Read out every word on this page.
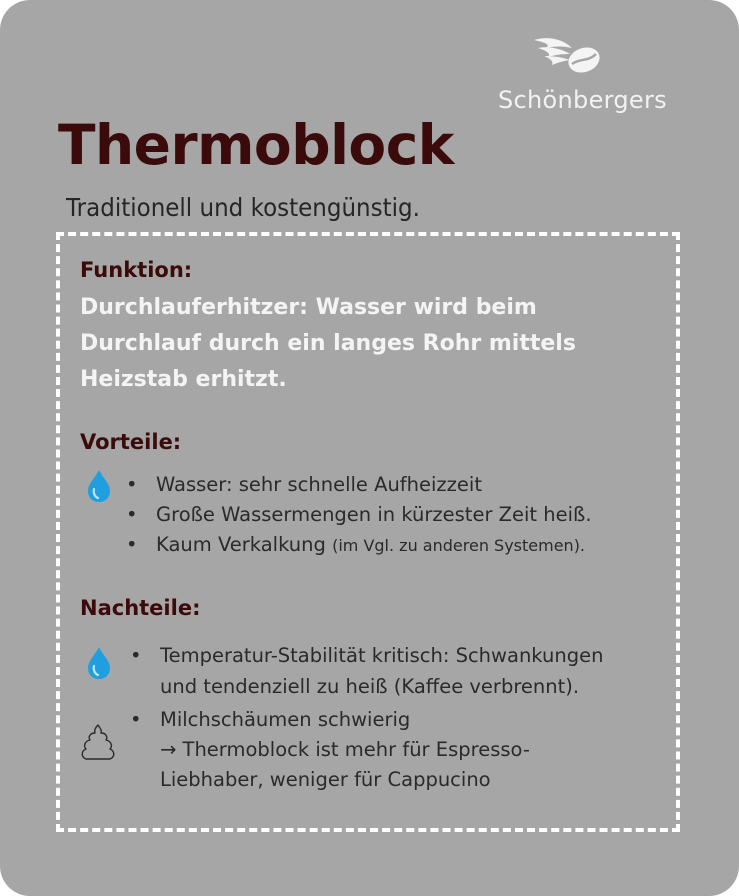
Schönbergers
Thermoblock
Traditionell und kostengünstig.
Funktion:
Durchlauferhitzer: Wasser wird beim
Durchlauf durch ein langes Rohr mittels
Heizstab erhitzt.
Vorteile:
• Wasser: sehr schnelle Aufheizzeit
• Große Wassermengen in kürzester Zeit heiß.
• Kaum Verkalkung (im Vgl. zu anderen Systemen).
Nachteile:
• Temperatur-Stabilität kritisch: Schwankungen
und tendenziell zu heiß (Kaffee verbrennt).
• Milchschäumen schwierig
→ Thermoblock ist mehr für Espresso-
Liebhaber, weniger für Cappucino
